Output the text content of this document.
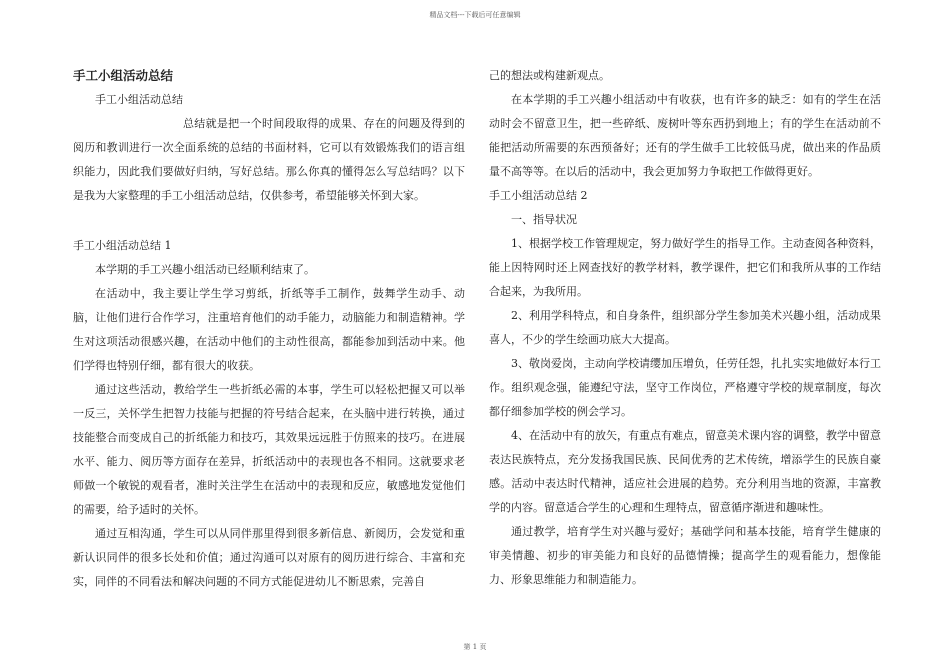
精品文档---下载后可任意编辑

手工小组活动总结

手工小组活动总结

总结就是把一个时间段取得的成果、存在的问题及得到的阅历和教训进行一次全面系统的总结的书面材料，它可以有效锻炼我们的语言组织能力，因此我们要做好归纳，写好总结。那么你真的懂得怎么写总结吗？以下是我为大家整理的手工小组活动总结，仅供参考，希望能够关怀到大家。

手工小组活动总结 1

本学期的手工兴趣小组活动已经顺利结束了。

在活动中，我主要让学生学习剪纸，折纸等手工制作，鼓舞学生动手、动脑，让他们进行合作学习，注重培育他们的动手能力，动脑能力和制造精神。学生对这项活动很感兴趣，在活动中他们的主动性很高，都能参加到活动中来。他们学得也特别仔细，都有很大的收获。

通过这些活动，教给学生一些折纸必需的本事，学生可以轻松把握又可以举一反三，关怀学生把智力技能与把握的符号结合起来，在头脑中进行转换，通过技能整合而变成自己的折纸能力和技巧，其效果远远胜于仿照来的技巧。在进展水平、能力、阅历等方面存在差异，折纸活动中的表现也各不相同。这就要求老师做一个敏锐的观看者，准时关注学生在活动中的表现和反应，敏感地发觉他们的需要，给予适时的关怀。

通过互相沟通，学生可以从同伴那里得到很多新信息、新阅历，会发觉和重新认识同伴的很多长处和价值；通过沟通可以对原有的阅历进行综合、丰富和充实，同伴的不同看法和解决问题的不同方式能促进幼儿不断思索，完善自

己的想法或构建新观点。

在本学期的手工兴趣小组活动中有收获，也有许多的缺乏：如有的学生在活动时会不留意卫生，把一些碎纸、废树叶等东西扔到地上；有的学生在活动前不能把活动所需要的东西预备好；还有的学生做手工比较低马虎，做出来的作品质量不高等等。在以后的活动中，我会更加努力争取把工作做得更好。

手工小组活动总结 2

一、指导状况

1、根据学校工作管理规定，努力做好学生的指导工作。主动查阅各种资料，能上因特网时还上网查找好的教学材料，教学课件，把它们和我所从事的工作结合起来，为我所用。

2、利用学科特点，和自身条件，组织部分学生参加美术兴趣小组，活动成果喜人，不少的学生绘画功底大大提高。

3、敬岗爱岗，主动向学校请缨加压增负，任劳任怨，扎扎实实地做好本行工作。组织观念强，能遵纪守法，坚守工作岗位，严格遵守学校的规章制度，每次都仔细参加学校的例会学习。

4、在活动中有的放矢，有重点有难点，留意美术课内容的调整，教学中留意表达民族特点，充分发扬我国民族、民间优秀的艺术传统，增添学生的民族自豪感。活动中表达时代精神，适应社会进展的趋势。充分利用当地的资源，丰富教学的内容。留意适合学生的心理和生理特点，留意循序渐进和趣味性。

通过教学，培育学生对兴趣与爱好；基础学问和基本技能，培育学生健康的审美情趣、初步的审美能力和良好的品德情操；提高学生的观看能力，想像能力、形象思维能力和制造能力。

第 1 页
